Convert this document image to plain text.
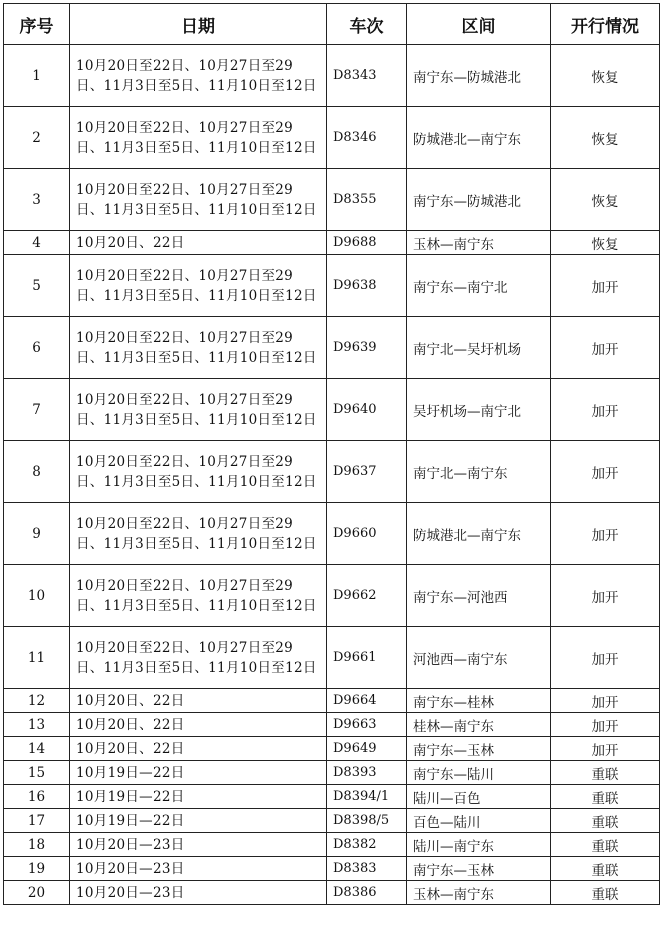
序号	日期	车次	区间	开行情况
1	10月20日至22日、10月27日至29日、11月3日至5日、11月10日至12日	D8343	南宁东—防城港北	恢复
2	10月20日至22日、10月27日至29日、11月3日至5日、11月10日至12日	D8346	防城港北—南宁东	恢复
3	10月20日至22日、10月27日至29日、11月3日至5日、11月10日至12日	D8355	南宁东—防城港北	恢复
4	10月20日、22日	D9688	玉林—南宁东	恢复
5	10月20日至22日、10月27日至29日、11月3日至5日、11月10日至12日	D9638	南宁东—南宁北	加开
6	10月20日至22日、10月27日至29日、11月3日至5日、11月10日至12日	D9639	南宁北—吴圩机场	加开
7	10月20日至22日、10月27日至29日、11月3日至5日、11月10日至12日	D9640	吴圩机场—南宁北	加开
8	10月20日至22日、10月27日至29日、11月3日至5日、11月10日至12日	D9637	南宁北—南宁东	加开
9	10月20日至22日、10月27日至29日、11月3日至5日、11月10日至12日	D9660	防城港北—南宁东	加开
10	10月20日至22日、10月27日至29日、11月3日至5日、11月10日至12日	D9662	南宁东—河池西	加开
11	10月20日至22日、10月27日至29日、11月3日至5日、11月10日至12日	D9661	河池西—南宁东	加开
12	10月20日、22日	D9664	南宁东—桂林	加开
13	10月20日、22日	D9663	桂林—南宁东	加开
14	10月20日、22日	D9649	南宁东—玉林	加开
15	10月19日—22日	D8393	南宁东—陆川	重联
16	10月19日—22日	D8394/1	陆川—百色	重联
17	10月19日—22日	D8398/5	百色—陆川	重联
18	10月20日—23日	D8382	陆川—南宁东	重联
19	10月20日—23日	D8383	南宁东—玉林	重联
20	10月20日—23日	D8386	玉林—南宁东	重联
